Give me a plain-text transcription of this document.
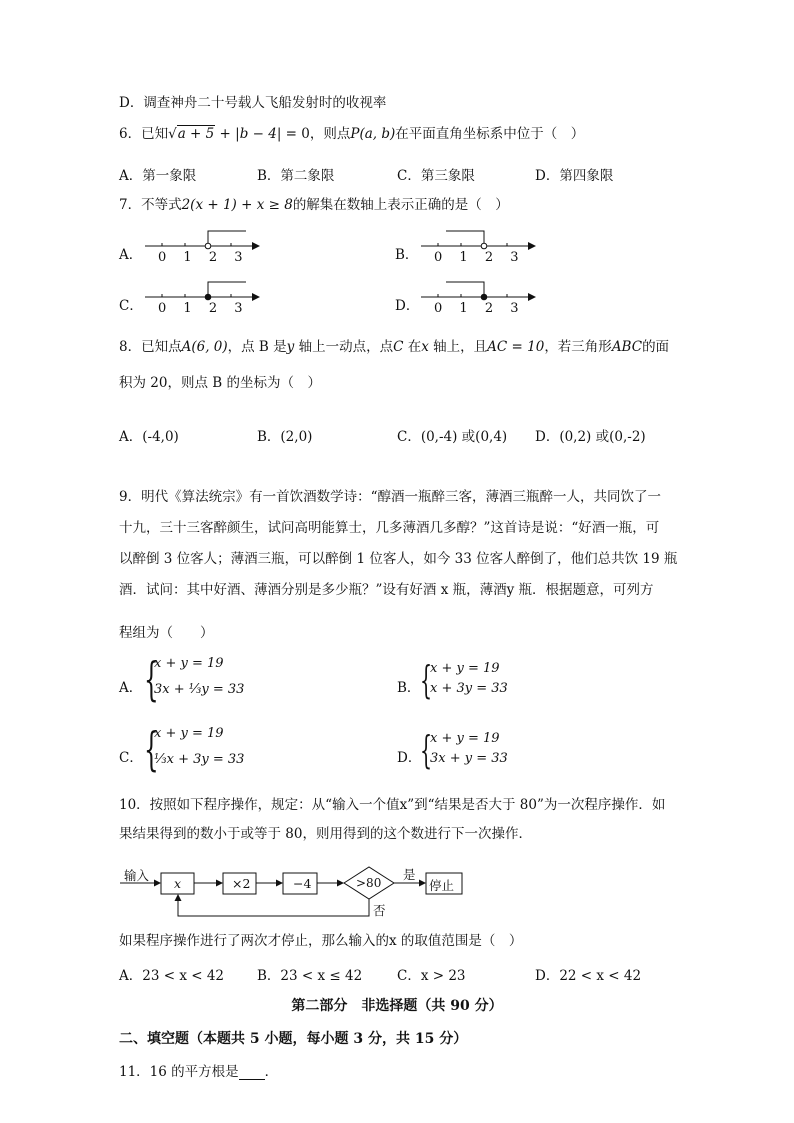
D．调查神舟二十号载人飞船发射时的收视率
6．已知√a + 5 + |b − 4| = 0，则点P(a, b)在平面直角坐标系中位于（　）
A．第一象限	B．第二象限	C．第三象限	D．第四象限
7．不等式2(x + 1) + x ≥ 8的解集在数轴上表示正确的是（　）
A．	B．
C．	D．
0 1 2 3	0 1 2 3
0 1 2 3	0 1 2 3
8．已知点A(6, 0)，点 B 是y 轴上一动点，点C 在x 轴上，且AC = 10，若三角形ABC的面
积为 20，则点 B 的坐标为（　）
A．(-4,0)	B．(2,0)	C．(0,-4) 或(0,4) D．(0,2) 或(0,-2)
9．明代《算法统宗》有一首饮酒数学诗：“醇酒一瓶醉三客，薄酒三瓶醉一人，共同饮了一
十九，三十三客醉颜生，试问高明能算士，几多薄酒几多醇？”这首诗是说：“好酒一瓶，可
以醉倒 3 位客人；薄酒三瓶，可以醉倒 1 位客人，如今 33 位客人醉倒了，他们总共饮 19 瓶
酒．试问：其中好酒、薄酒分别是多少瓶？”设有好酒 x 瓶，薄酒y 瓶．根据题意，可列方
程组为（　　）
A． {
x + y = 19
3x + ⅓y = 33	B． {
x + y = 19
x + 3y = 33
C． {
x + y = 19
⅓x + 3y = 33	D．
{
x + y = 19
3x + y = 33
10．按照如下程序操作，规定：从“输入一个值x”到“结果是否大于 80”为一次程序操作．如
果结果得到的数小于或等于 80，则用得到的这个数进行下一次操作．
输入
x	×2	−4	>80
是
停止
否
如果程序操作进行了两次才停止，那么输入的x 的取值范围是（　）
A．23 < x < 42 B．23 < x ≤ 42	C．x > 23	D．22 < x < 42
第二部分　非选择题（共 90 分）
二、填空题（本题共 5 小题，每小题 3 分，共 15 分）
11．16 的平方根是 ．
